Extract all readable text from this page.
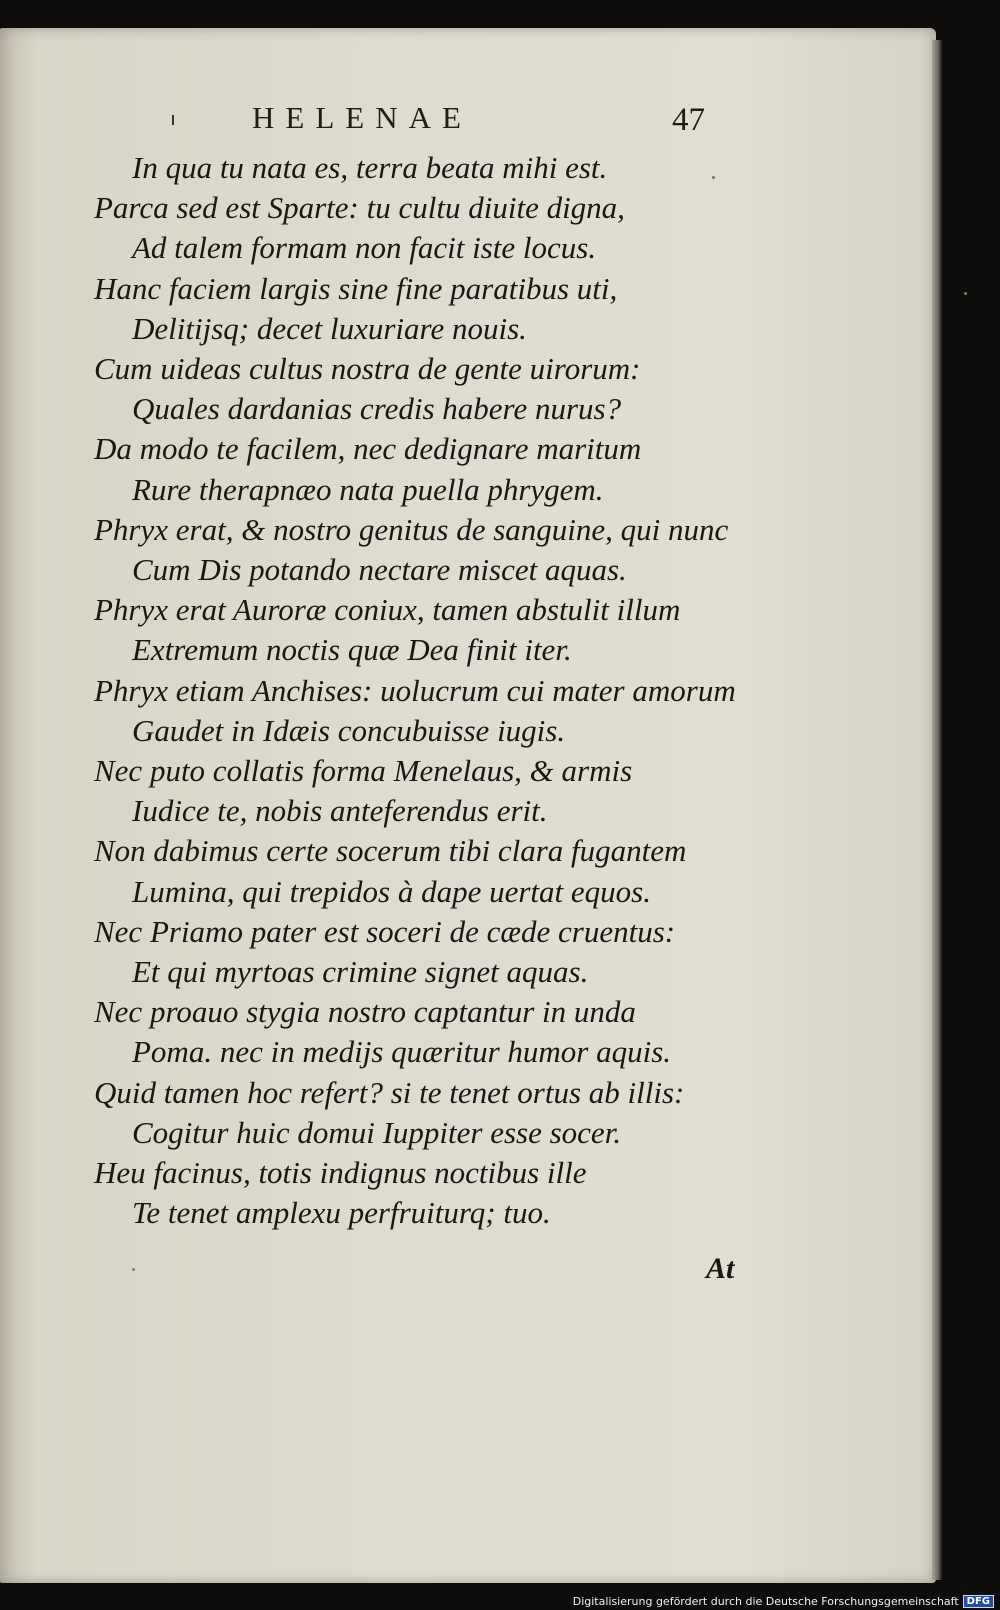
HELENAE	47
In qua tu nata es, terra beata mihi est.
Parca sed est Sparte: tu cultu diuite digna,
Ad talem formam non facit iste locus.
Hanc faciem largis sine fine paratibus uti,
Delitijsq; decet luxuriare nouis.
Cum uideas cultus nostra de gente uirorum:
Quales dardanias credis habere nurus?
Da modo te facilem, nec dedignare maritum
Rure therapnæo nata puella phrygem.
Phryx erat, & nostro genitus de sanguine, qui nunc
Cum Dis potando nectare miscet aquas.
Phryx erat Auroræ coniux, tamen abstulit illum
Extremum noctis quæ Dea finit iter.
Phryx etiam Anchises: uolucrum cui mater amorum
Gaudet in Idæis concubuisse iugis.
Nec puto collatis forma Menelaus, & armis
Iudice te, nobis anteferendus erit.
Non dabimus certe socerum tibi clara fugantem
Lumina, qui trepidos à dape uertat equos.
Nec Priamo pater est soceri de cæde cruentus:
Et qui myrtoas crimine signet aquas.
Nec proauo stygia nostro captantur in unda
Poma. nec in medijs quæritur humor aquis.
Quid tamen hoc refert? si te tenet ortus ab illis:
Cogitur huic domui Iuppiter esse socer.
Heu facinus, totis indignus noctibus ille
Te tenet amplexu perfruiturq; tuo.
At
Digitalisierung gefördert durch die Deutsche Forschungsgemeinschaft DFG
